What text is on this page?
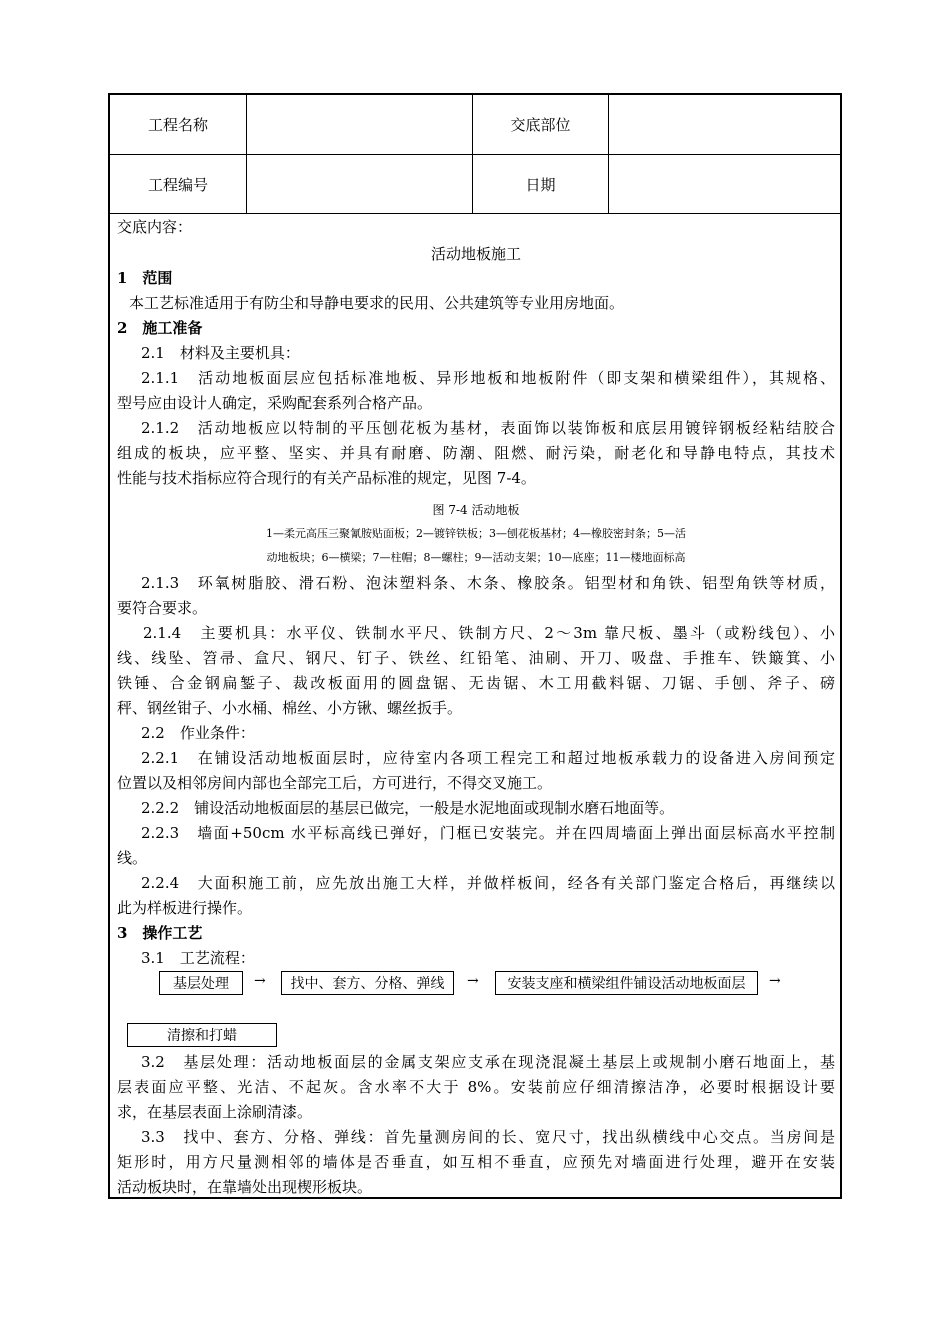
工程名称	交底部位
工程编号	日期
交底内容：
活动地板施工
1　范围
本工艺标准适用于有防尘和导静电要求的民用、公共建筑等专业用房地面。
2　施工准备
2.1　材料及主要机具：
2.1.1　活动地板面层应包括标准地板、异形地板和地板附件（即支架和横梁组件），其规格、
型号应由设计人确定，采购配套系列合格产品。
2.1.2　活动地板应以特制的平压刨花板为基材，表面饰以装饰板和底层用镀锌钢板经粘结胶合
组成的板块，应平整、坚实、并具有耐磨、防潮、阻燃、耐污染，耐老化和导静电特点，其技术
性能与技术指标应符合现行的有关产品标准的规定，见图 7-4。
图 7-4 活动地板
1—柔元高压三聚氰胺贴面板；2—镀锌铁板；3—刨花板基材；4—橡胶密封条；5—活
动地板块；6—横梁；7—柱帽；8—螺柱；9—活动支架；10—底座；11—楼地面标高
2.1.3　环氧树脂胶、滑石粉、泡沫塑料条、木条、橡胶条。铝型材和角铁、铝型角铁等材质，
要符合要求。
2.1.4　主要机具：水平仪、铁制水平尺、铁制方尺、2～3m 靠尺板、墨斗（或粉线包）、小
线、线坠、笤帚、盒尺、钢尺、钉子、铁丝、红铅笔、油刷、开刀、吸盘、手推车、铁簸箕、小
铁锤、合金钢扁錾子、裁改板面用的圆盘锯、无齿锯、木工用截料锯、刀锯、手刨、斧子、磅
秤、钢丝钳子、小水桶、棉丝、小方锹、螺丝扳手。
2.2　作业条件：
2.2.1　在铺设活动地板面层时，应待室内各项工程完工和超过地板承载力的设备进入房间预定
位置以及相邻房间内部也全部完工后，方可进行，不得交叉施工。
2.2.2　铺设活动地板面层的基层已做完，一般是水泥地面或现制水磨石地面等。
2.2.3　墙面+50cm 水平标高线已弹好，门框已安装完。并在四周墙面上弹出面层标高水平控制
线。
2.2.4　大面积施工前，应先放出施工大样，并做样板间，经各有关部门鉴定合格后，再继续以
此为样板进行操作。
3　操作工艺
3.1　工艺流程：
基层处理	→	找中、套方、分格、弹线	→	安装支座和横梁组件铺设活动地板面层	→
清擦和打蜡
3.2　基层处理：活动地板面层的金属支架应支承在现浇混凝土基层上或规制小磨石地面上，基
层表面应平整、光洁、不起灰。含水率不大于 8%。安装前应仔细清擦洁净，必要时根据设计要
求，在基层表面上涂刷清漆。
3.3　找中、套方、分格、弹线：首先量测房间的长、宽尺寸，找出纵横线中心交点。当房间是
矩形时，用方尺量测相邻的墙体是否垂直，如互相不垂直，应预先对墙面进行处理，避开在安装
活动板块时，在靠墙处出现楔形板块。
